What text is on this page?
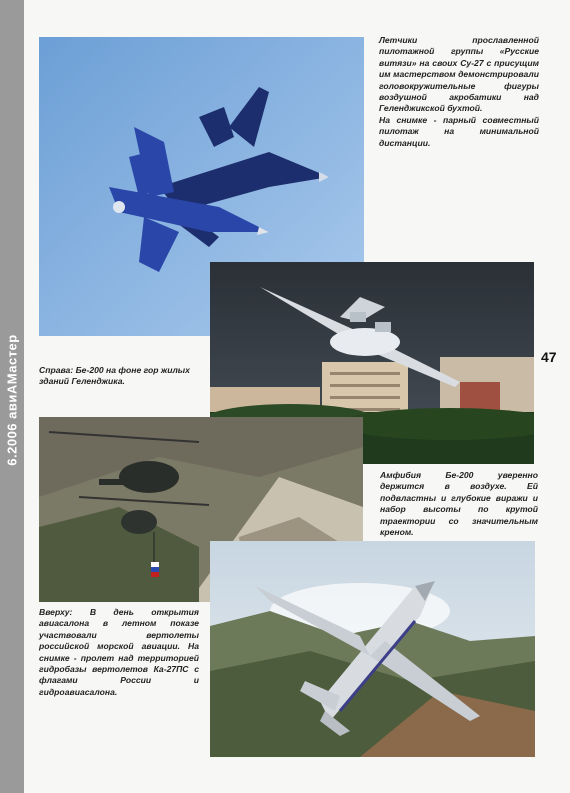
6.2006 авиАМастер
Летчики прославленной пилотажной группы «Русские витязи» на своих Су-27 с присущим им мастерством демонстрировали головокружительные фигуры воздушной акробатики над Геленджикской бухтой.
На снимке - парный совместный пилотаж на минимальной дистанции.
47
Справа: Бе-200 на фоне гор жилых зданий Геленджика.
Амфибия Бе-200 уверенно держится в воздухе. Ей подвластны и глубокие виражи и набор высоты по крутой траектории со значительным креном.
Вверху: В день открытия авиасалона в летном показе участвовали вертолеты российской морской авиации. На снимке - пролет над территорией гидробазы вертолетов Ка-27ПС с флагами России и гидроавиасалона.
